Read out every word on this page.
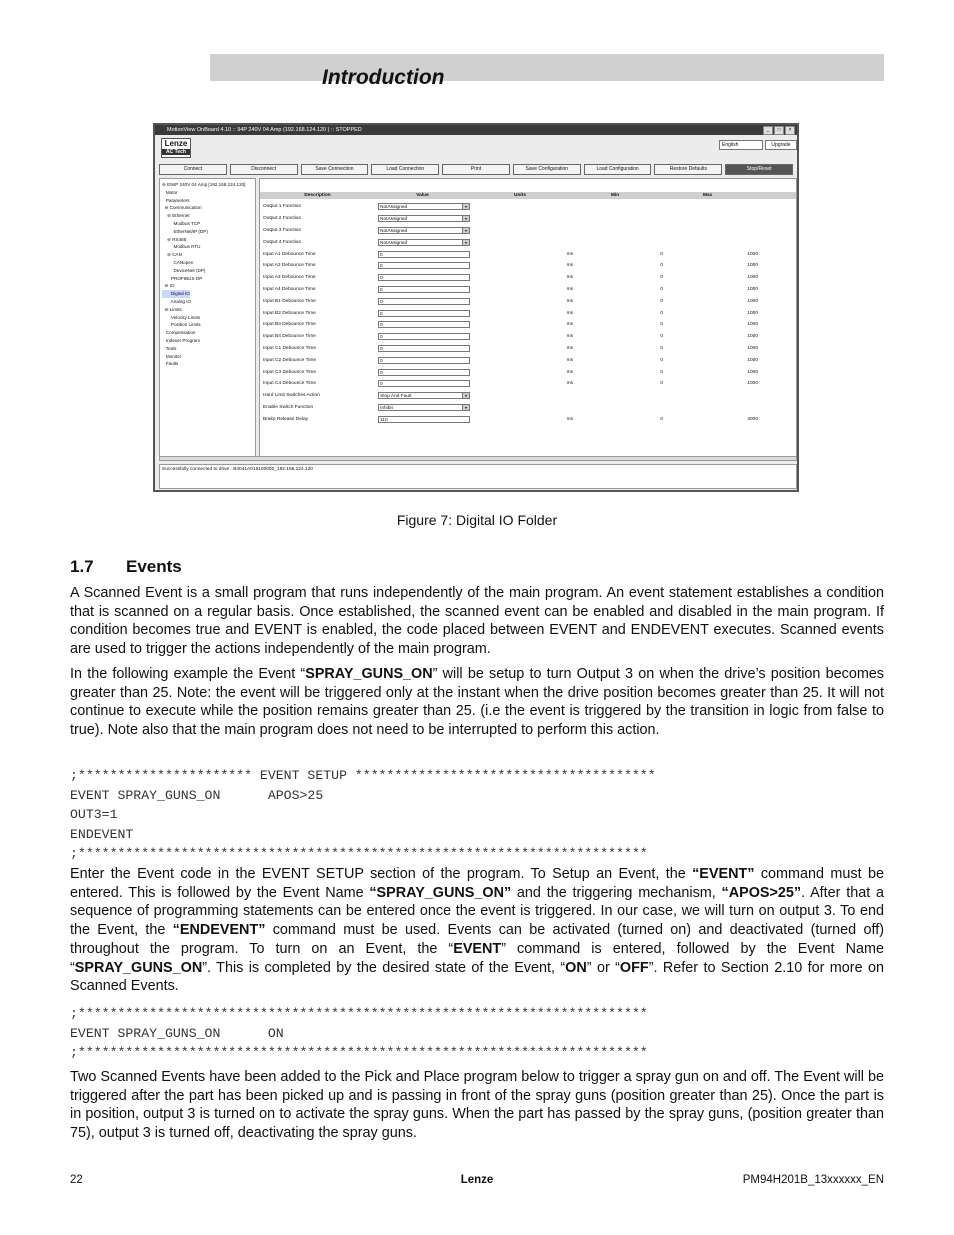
Introduction
MotionView OnBoard 4.10 :: 94P 240V 04 Amp (192.168.124.120 ) :: STOPPED	_	□	×
Lenze
AC Tech
English	Upgrade
Connect	Disconnect	Save Connection	Load Connection	Print	Save Configuration	Load Configuration	Restore Defaults	Stop/Reset
⊖ E94P 240V 04 Amp [192.168.124.120]
Motor
Parameters
⊖ Communication
⊖ Ethernet
Modbus TCP
EtherNet/IP (DP)
⊖ RS485
Modbus RTU
⊖ CAN
CANopen
DeviceNet (DP)
PROFIBUS-DP
⊖ IO
Digital IO
Analog IO
⊖ Limits
Velocity Limits
Position Limits
Compensation
Indexer Program
Tools
Monitor
Faults
Description	Value	Units	Min	Max
Output 1 Function	NotAssigned	▾
Output 2 Function	NotAssigned	▾
Output 3 Function	NotAssigned	▾
Output 4 Function	NotAssigned	▾
Input A1 Debounce Time	0	ms	0	1000
Input A2 Debounce Time	0	ms	0	1000
Input A3 Debounce Time	0	ms	0	1000
Input A4 Debounce Time	0	ms	0	1000
Input B1 Debounce Time	0	ms	0	1000
Input B2 Debounce Time	0	ms	0	1000
Input B3 Debounce Time	0	ms	0	1000
Input B4 Debounce Time	0	ms	0	1000
Input C1 Debounce Time	0	ms	0	1000
Input C2 Debounce Time	0	ms	0	1000
Input C3 Debounce Time	0	ms	0	1000
Input C4 Debounce Time	0	ms	0	1000
Hard Limit Switches Action	Stop And Fault	▾
Enable Switch Function	Inhibit	▾
Brake Release Delay	110	ms	0	2000
Successfully connected to drive : B4041A015100000_192.168.124.120
Figure 7: Digital IO Folder
1.7 Events
A Scanned Event is a small program that runs independently of the main program. An event statement establishes a condition that is scanned on a regular basis. Once established, the scanned event can be enabled and disabled in the main program. If condition becomes true and EVENT is enabled, the code placed between EVENT and ENDEVENT executes. Scanned events are used to trigger the actions independently of the main program.
In the following example the Event “SPRAY_GUNS_ON” will be setup to turn Output 3 on when the drive’s position becomes greater than 25. Note: the event will be triggered only at the instant when the drive position becomes greater than 25. It will not continue to execute while the position remains greater than 25. (i.e the event is triggered by the transition in logic from false to true). Note also that the main program does not need to be interrupted to perform this action.
;********************** EVENT SETUP **************************************
EVENT SPRAY_GUNS_ON      APOS>25
OUT3=1
ENDEVENT
;************************************************************************
Enter the Event code in the EVENT SETUP section of the program. To Setup an Event, the “EVENT” command must be entered. This is followed by the Event Name “SPRAY_GUNS_ON” and the triggering mechanism, “APOS>25”. After that a sequence of programming statements can be entered once the event is triggered. In our case, we will turn on output 3. To end the Event, the “ENDEVENT” command must be used. Events can be activated (turned on) and deactivated (turned off) throughout the program. To turn on an Event, the “EVENT” command is entered, followed by the Event Name “SPRAY_GUNS_ON”. This is completed by the desired state of the Event, “ON” or “OFF”. Refer to Section 2.10 for more on Scanned Events.
;************************************************************************
EVENT SPRAY_GUNS_ON      ON
;************************************************************************
Two Scanned Events have been added to the Pick and Place program below to trigger a spray gun on and off. The Event will be triggered after the part has been picked up and is passing in front of the spray guns (position greater than 25). Once the part is in position, output 3 is turned on to activate the spray guns. When the part has passed by the spray guns, (position greater than 75), output 3 is turned off, deactivating the spray guns.
22	Lenze	PM94H201B_13xxxxxx_EN
